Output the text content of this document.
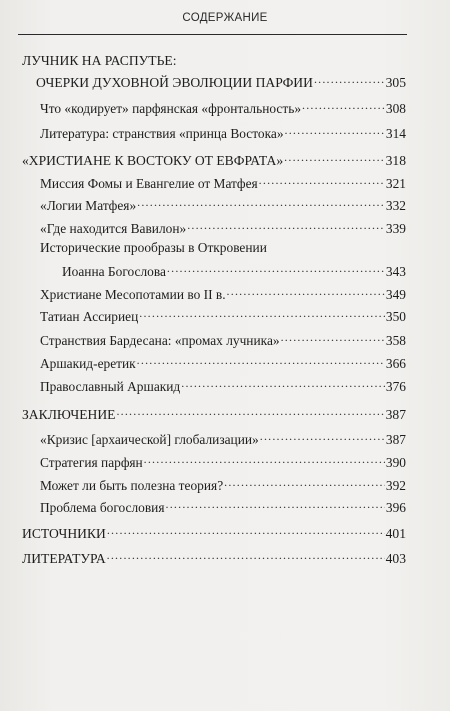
СОДЕРЖАНИЕ
ЛУЧНИК НА РАСПУТЬЕ:
ОЧЕРКИ ДУХОВНОЙ ЭВОЛЮЦИИ ПАРФИИ .....	305
Что «кодирует» парфянская «фронтальность» .....	308
Литература: странствия «принца Востока» .....	314
«ХРИСТИАНЕ К ВОСТОКУ ОТ ЕВФРАТА» .....	318
Миссия Фомы и Евангелие от Матфея .....	321
«Логии Матфея» .....	332
«Где находится Вавилон» .....	339
Исторические прообразы в Откровении
Иоанна Богослова .....	343
Христиане Месопотамии во II в. .....	349
Татиан Ассириец .....	350
Странствия Бардесана: «промах лучника» .....	358
Аршакид-еретик .....	366
Православный Аршакид .....	376
ЗАКЛЮЧЕНИЕ .....	387
«Кризис [архаической] глобализации» .....	387
Стратегия парфян .....	390
Может ли быть полезна теория? .....	392
Проблема богословия .....	396
ИСТОЧНИКИ .....	401
ЛИТЕРАТУРА .....	403
